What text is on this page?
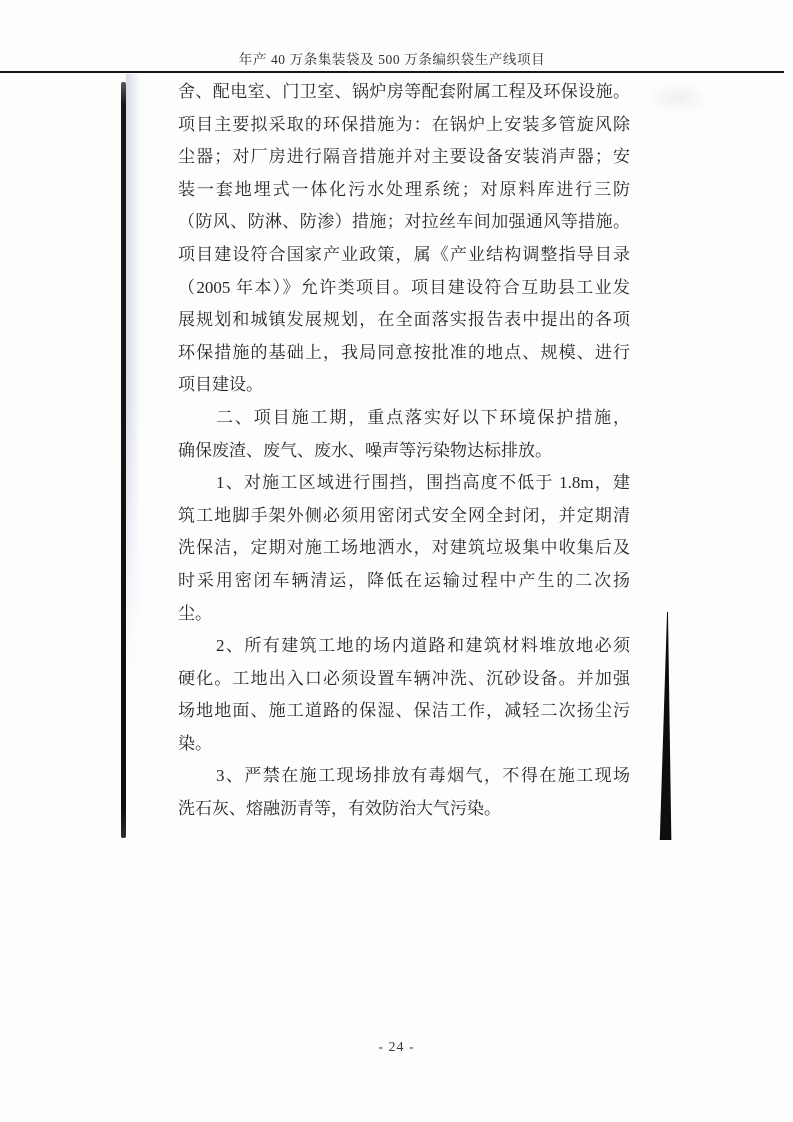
年产 40 万条集装袋及 500 万条编织袋生产线项目
舍、配电室、门卫室、锅炉房等配套附属工程及环保设施。
项目主要拟采取的环保措施为：在锅炉上安装多管旋风除
尘器；对厂房进行隔音措施并对主要设备安装消声器；安
装一套地埋式一体化污水处理系统；对原料库进行三防
（防风、防淋、防渗）措施；对拉丝车间加强通风等措施。
项目建设符合国家产业政策，属《产业结构调整指导目录
（2005 年本）》允许类项目。项目建设符合互助县工业发
展规划和城镇发展规划，在全面落实报告表中提出的各项
环保措施的基础上，我局同意按批准的地点、规模、进行
项目建设。
二、项目施工期，重点落实好以下环境保护措施，
确保废渣、废气、废水、噪声等污染物达标排放。
1、对施工区域进行围挡，围挡高度不低于 1.8m，建
筑工地脚手架外侧必须用密闭式安全网全封闭，并定期清
洗保洁，定期对施工场地洒水，对建筑垃圾集中收集后及
时采用密闭车辆清运，降低在运输过程中产生的二次扬
尘。
2、所有建筑工地的场内道路和建筑材料堆放地必须
硬化。工地出入口必须设置车辆冲洗、沉砂设备。并加强
场地地面、施工道路的保湿、保洁工作，减轻二次扬尘污
染。
3、严禁在施工现场排放有毒烟气，不得在施工现场
洗石灰、熔融沥青等，有效防治大气污染。
- 24 -
